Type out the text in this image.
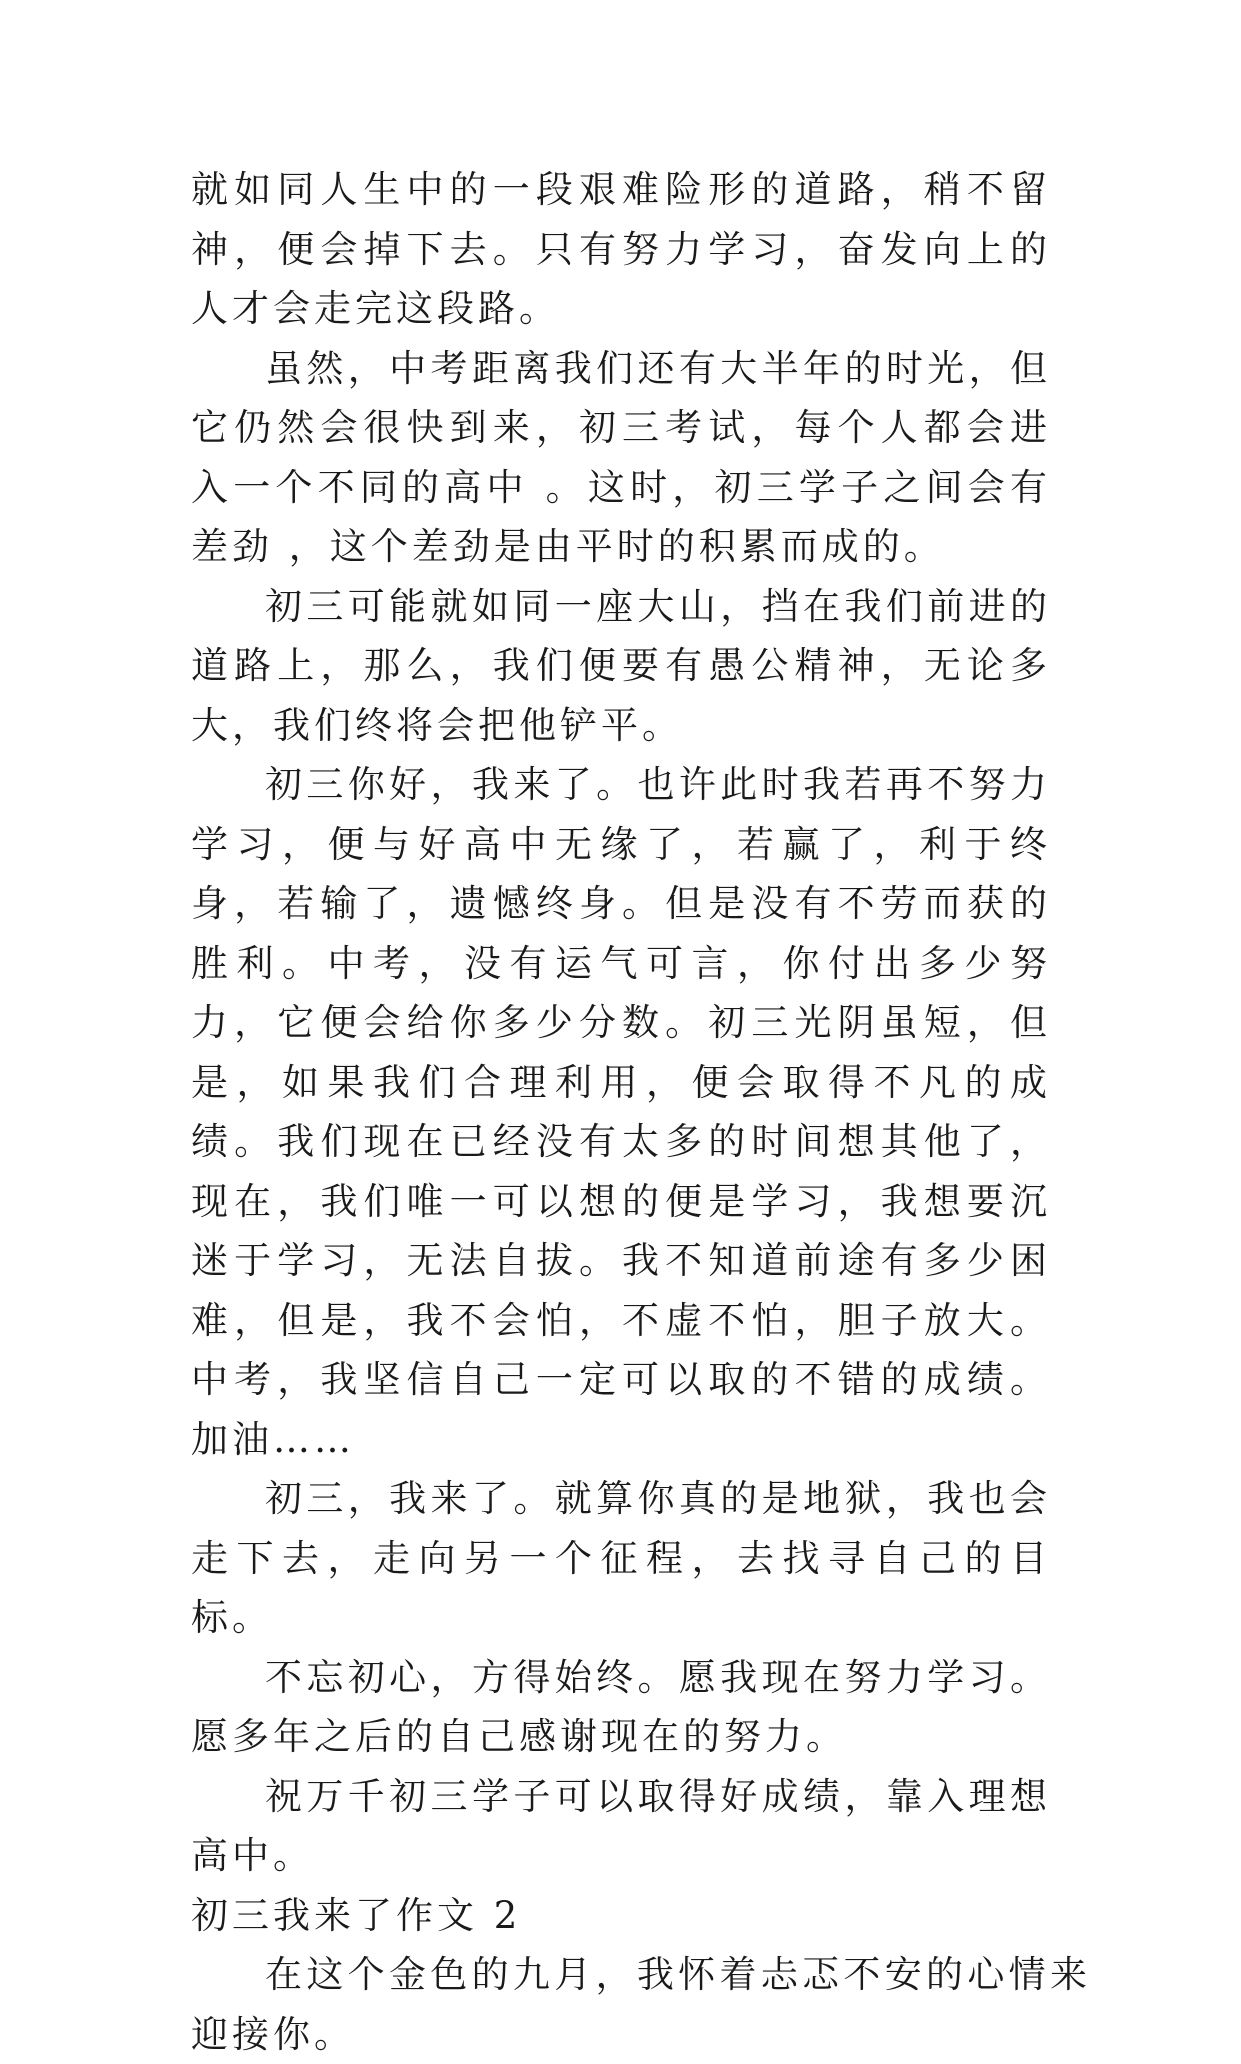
就如同人生中的一段艰难险形的道路，稍不留神，便会掉下去。只有努力学习，奋发向上的人才会走完这段路。

虽然，中考距离我们还有大半年的时光，但它仍然会很快到来，初三考试，每个人都会进入一个不同的高中 。这时，初三学子之间会有差劲 ，这个差劲是由平时的积累而成的。

初三可能就如同一座大山，挡在我们前进的道路上，那么，我们便要有愚公精神，无论多大，我们终将会把他铲平。

初三你好，我来了。也许此时我若再不努力学习，便与好高中无缘了，若赢了，利于终身，若输了，遗憾终身。但是没有不劳而获的胜利。中考，没有运气可言，你付出多少努力，它便会给你多少分数。初三光阴虽短，但是，如果我们合理利用，便会取得不凡的成绩。我们现在已经没有太多的时间想其他了，现在，我们唯一可以想的便是学习，我想要沉迷于学习，无法自拔。我不知道前途有多少困难，但是，我不会怕，不虚不怕，胆子放大。中考，我坚信自己一定可以取的不错的成绩。加油……

初三，我来了。就算你真的是地狱，我也会走下去，走向另一个征程，去找寻自己的目标。

不忘初心，方得始终。愿我现在努力学习。愿多年之后的自己感谢现在的努力。

祝万千初三学子可以取得好成绩，靠入理想高中。

初三我来了作文 2

在这个金色的九月，我怀着忐忑不安的心情来迎接你。
